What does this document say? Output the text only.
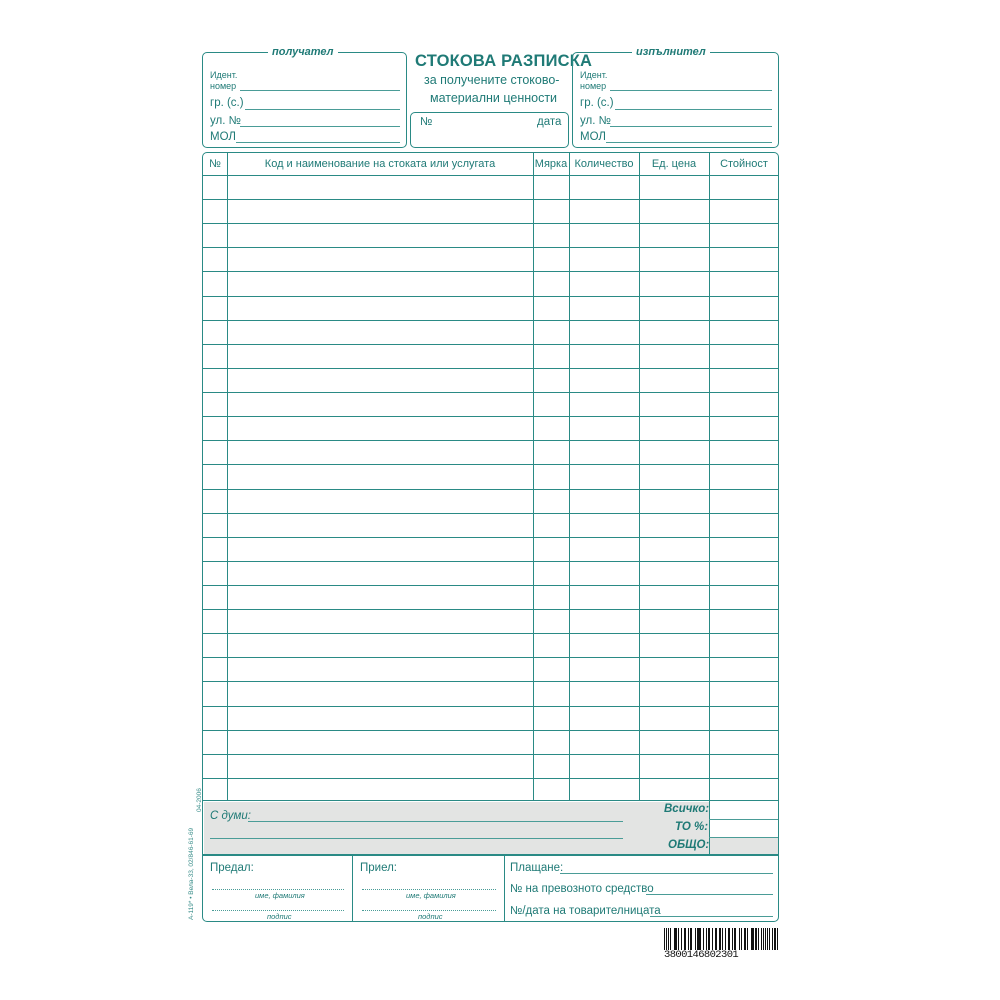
получател
Идент.
номер
гр. (с.)
ул. №
МОЛ
СТОКОВА РАЗПИСКА
за получените стоково-
материални ценности
№	дата
изпълнител
Идент.
номер
гр. (с.)
ул. №
МОЛ
№	Код и наименование на стоката или услугата	Мярка Количество	Ед. цена	Стойност
С думи:
Всичко:
ТО %:
ОБЩО:
Предал:
име, фамилия
подпис
Приел:
име, фамилия
подпис
Плащане:
№ на превозното средство
№/дата на товарителницата
А-119* • Вела-33, 02/846-61-69
04-2006
3800146802301
